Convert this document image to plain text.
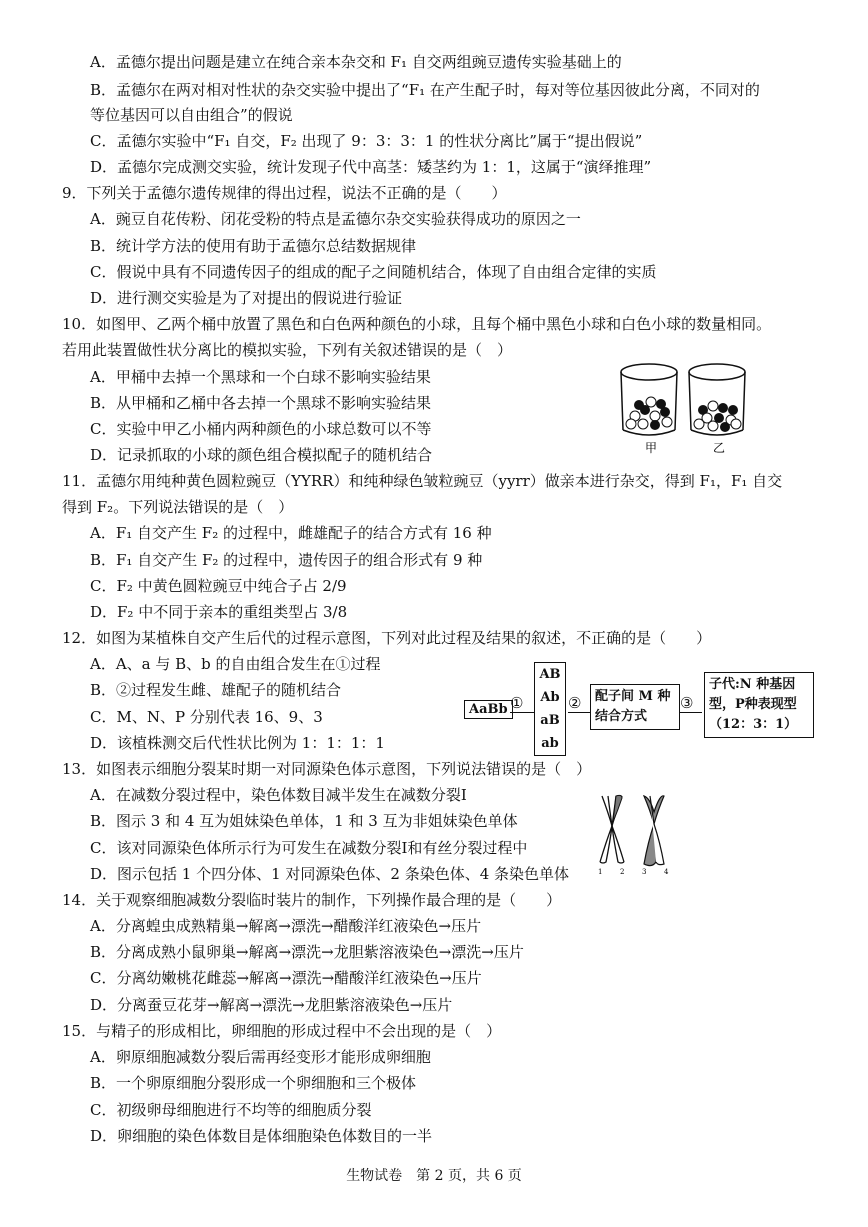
A．孟德尔提出问题是建立在纯合亲本杂交和 F₁ 自交两组豌豆遗传实验基础上的
B．孟德尔在两对相对性状的杂交实验中提出了“F₁ 在产生配子时，每对等位基因彼此分离，不同对的
等位基因可以自由组合”的假说
C．孟德尔实验中“F₁ 自交，F₂ 出现了 9：3：3：1 的性状分离比”属于“提出假说”
D．孟德尔完成测交实验，统计发现子代中高茎：矮茎约为 1：1，这属于“演绎推理”
9．下列关于孟德尔遗传规律的得出过程，说法不正确的是（　　）
A．豌豆自花传粉、闭花受粉的特点是孟德尔杂交实验获得成功的原因之一
B．统计学方法的使用有助于孟德尔总结数据规律
C．假说中具有不同遗传因子的组成的配子之间随机结合，体现了自由组合定律的实质
D．进行测交实验是为了对提出的假说进行验证
10．如图甲、乙两个桶中放置了黑色和白色两种颜色的小球，且每个桶中黑色小球和白色小球的数量相同。
若用此装置做性状分离比的模拟实验，下列有关叙述错误的是（　）
A．甲桶中去掉一个黑球和一个白球不影响实验结果
B．从甲桶和乙桶中各去掉一个黑球不影响实验结果
C．实验中甲乙小桶内两种颜色的小球总数可以不等
D．记录抓取的小球的颜色组合模拟配子的随机结合
11．孟德尔用纯种黄色圆粒豌豆（YYRR）和纯种绿色皱粒豌豆（yyrr）做亲本进行杂交，得到 F₁，F₁ 自交
得到 F₂。下列说法错误的是（　）
A．F₁ 自交产生 F₂ 的过程中，雌雄配子的结合方式有 16 种
B．F₁ 自交产生 F₂ 的过程中，遗传因子的组合形式有 9 种
C．F₂ 中黄色圆粒豌豆中纯合子占 2/9
D．F₂ 中不同于亲本的重组类型占 3/8
12．如图为某植株自交产生后代的过程示意图，下列对此过程及结果的叙述，不正确的是（　　）
A．A、a 与 B、b 的自由组合发生在①过程
B．②过程发生雌、雄配子的随机结合
C．M、N、P 分别代表 16、9、3
D．该植株测交后代性状比例为 1：1：1：1
13．如图表示细胞分裂某时期一对同源染色体示意图，下列说法错误的是（　）
A．在减数分裂过程中，染色体数目减半发生在减数分裂Ⅰ
B．图示 3 和 4 互为姐妹染色单体，1 和 3 互为非姐妹染色单体
C．该对同源染色体所示行为可发生在减数分裂Ⅰ和有丝分裂过程中
D．图示包括 1 个四分体、1 对同源染色体、2 条染色体、4 条染色单体
14．关于观察细胞减数分裂临时装片的制作，下列操作最合理的是（　　）
A．分离蝗虫成熟精巢→解离→漂洗→醋酸洋红液染色→压片
B．分离成熟小鼠卵巢→解离→漂洗→龙胆紫溶液染色→漂洗→压片
C．分离幼嫩桃花雌蕊→解离→漂洗→醋酸洋红液染色→压片
D．分离蚕豆花芽→解离→漂洗→龙胆紫溶液染色→压片
15．与精子的形成相比，卵细胞的形成过程中不会出现的是（　）
A．卵原细胞减数分裂后需再经变形才能形成卵细胞
B．一个卵原细胞分裂形成一个卵细胞和三个极体
C．初级卵母细胞进行不均等的细胞质分裂
D．卵细胞的染色体数目是体细胞染色体数目的一半
甲	乙
AaBb ①
AB
Ab
aB
ab
②	配子间 M 种结合方式
③
子代:N 种基因型，P种表现型（12：3：1）
1	2	3	4
生物试卷　第 2 页，共 6 页
